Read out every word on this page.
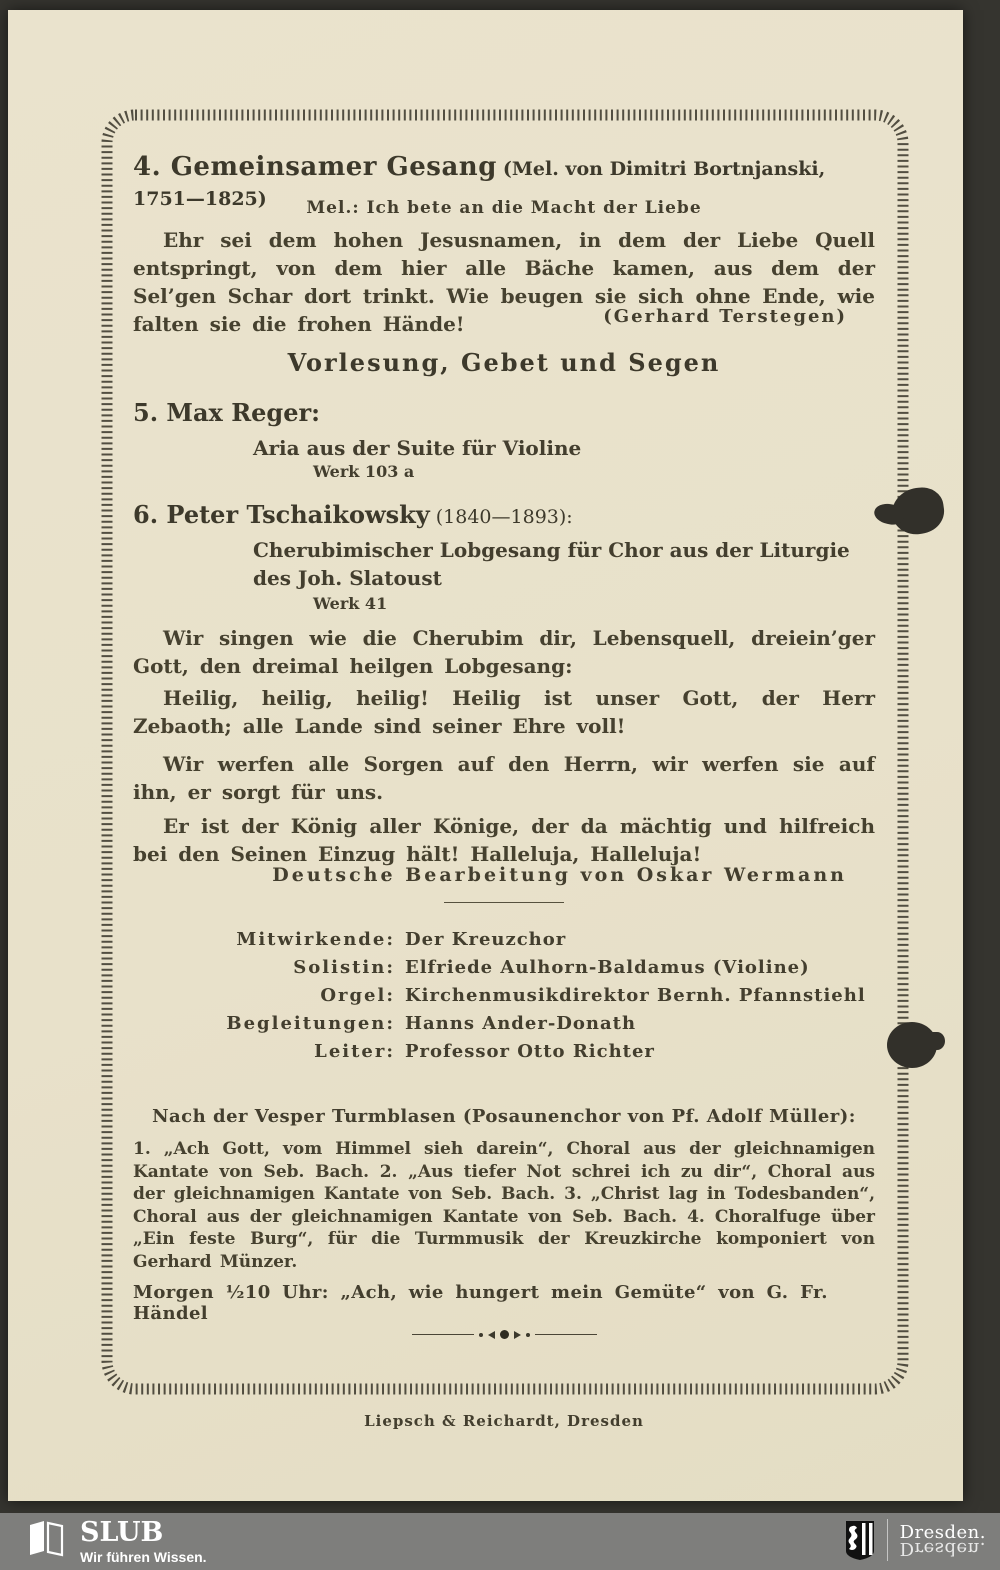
4. Gemeinsamer Gesang (Mel. von Dimitri Bortnjanski, 1751—1825)	Mel.: Ich bete an die Macht der Liebe
Ehr sei dem hohen Jesusnamen, in dem der Liebe Quell entspringt, von dem hier alle Bäche kamen, aus dem der Sel’gen Schar dort trinkt. Wie beugen sie sich ohne Ende, wie falten sie die frohen Hände!	(Gerhard Terstegen)
Vorlesung, Gebet und Segen
5. Max Reger:
Aria aus der Suite für Violine
Werk 103 a
6. Peter Tschaikowsky (1840—1893):
Cherubimischer Lobgesang für Chor aus der Liturgie des Joh. Slatoust
Werk 41
Wir singen wie die Cherubim dir, Lebensquell, dreiein’ger Gott, den dreimal heilgen Lobgesang:
Heilig, heilig, heilig! Heilig ist unser Gott, der Herr Zebaoth; alle Lande sind seiner Ehre voll!
Wir werfen alle Sorgen auf den Herrn, wir werfen sie auf ihn, er sorgt für uns.
Er ist der König aller Könige, der da mächtig und hilfreich bei den Seinen Einzug hält! Halleluja, Halleluja!
Deutsche Bearbeitung von Oskar Wermann
Mitwirkende: Der Kreuzchor
Solistin: Elfriede Aulhorn-Baldamus (Violine)
Orgel: Kirchenmusikdirektor Bernh. Pfannstiehl
Begleitungen: Hanns Ander-Donath
Leiter: Professor Otto Richter
Nach der Vesper Turmblasen (Posaunenchor von Pf. Adolf Müller):
1. „Ach Gott, vom Himmel sieh darein“, Choral aus der gleichnamigen Kantate von Seb. Bach. 2. „Aus tiefer Not schrei ich zu dir“, Choral aus der gleichnamigen Kantate von Seb. Bach. 3. „Christ lag in Todesbanden“, Choral aus der gleichnamigen Kantate von Seb. Bach. 4. Choralfuge über „Ein feste Burg“, für die Turmmusik der Kreuzkirche komponiert von Gerhard Münzer.
Morgen ½10 Uhr: „Ach, wie hungert mein Gemüte“ von G. Fr. Händel
Liepsch & Reichardt, Dresden
SLUB
Wir führen Wissen.
Dresden.
Dresden.
